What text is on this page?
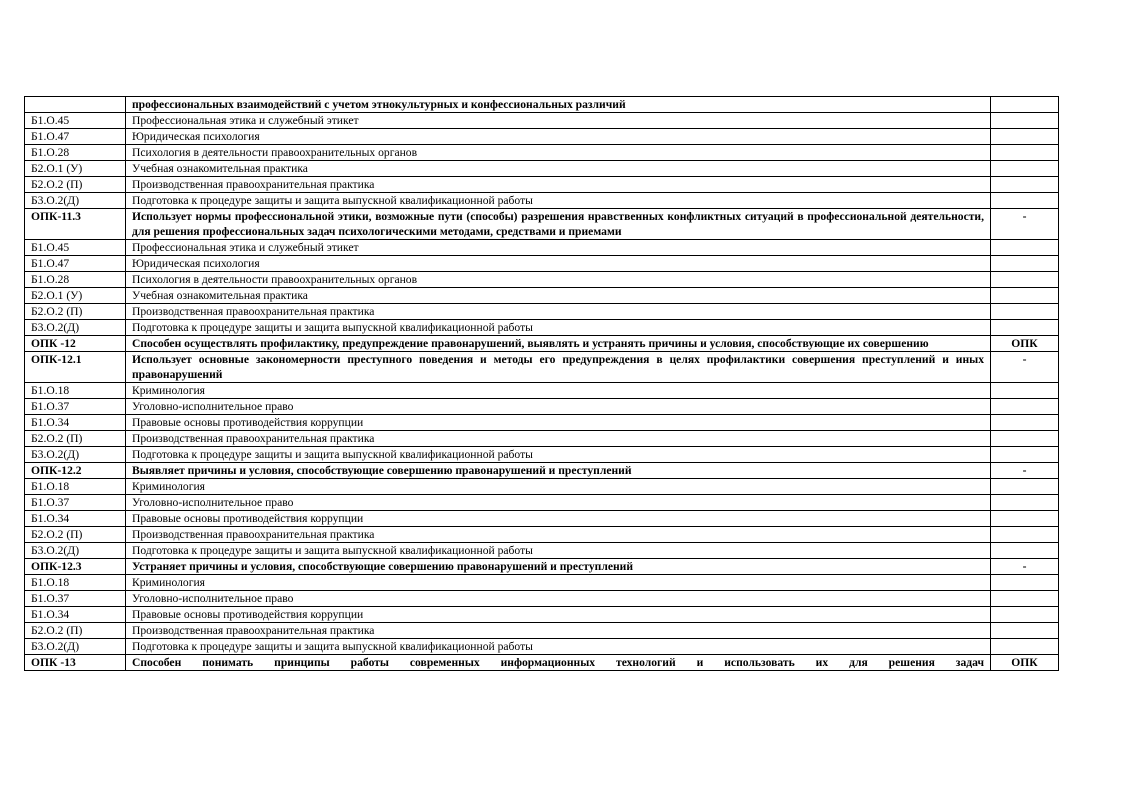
	профессиональных взаимодействий с учетом этнокультурных и конфессиональных различий	
Б1.О.45	Профессиональная этика и служебный этикет	
Б1.О.47	Юридическая психология	
Б1.О.28	Психология в деятельности правоохранительных органов	
Б2.О.1 (У)	Учебная ознакомительная практика	
Б2.О.2 (П)	Производственная правоохранительная практика	
Б3.О.2(Д)	Подготовка к процедуре защиты и защита выпускной квалификационной работы	
ОПК-11.3	Использует нормы профессиональной этики, возможные пути (способы) разрешения нравственных конфликтных ситуаций в профессиональной деятельности, для решения профессиональных задач психологическими методами, средствами и приемами	-
Б1.О.45	Профессиональная этика и служебный этикет	
Б1.О.47	Юридическая психология	
Б1.О.28	Психология в деятельности правоохранительных органов	
Б2.О.1 (У)	Учебная ознакомительная практика	
Б2.О.2 (П)	Производственная правоохранительная практика	
Б3.О.2(Д)	Подготовка к процедуре защиты и защита выпускной квалификационной работы	
ОПК -12	Способен осуществлять профилактику, предупреждение правонарушений, выявлять и устранять причины и условия, способствующие их совершению	ОПК
ОПК-12.1	Использует основные закономерности преступного поведения и методы его предупреждения в целях профилактики совершения преступлений и иных правонарушений	-
Б1.О.18	Криминология	
Б1.О.37	Уголовно-исполнительное право	
Б1.О.34	Правовые основы противодействия коррупции	
Б2.О.2 (П)	Производственная правоохранительная практика	
Б3.О.2(Д)	Подготовка к процедуре защиты и защита выпускной квалификационной работы	
ОПК-12.2	Выявляет причины и условия, способствующие совершению правонарушений и преступлений	-
Б1.О.18	Криминология	
Б1.О.37	Уголовно-исполнительное право	
Б1.О.34	Правовые основы противодействия коррупции	
Б2.О.2 (П)	Производственная правоохранительная практика	
Б3.О.2(Д)	Подготовка к процедуре защиты и защита выпускной квалификационной работы	
ОПК-12.3	Устраняет причины и условия, способствующие совершению правонарушений и преступлений	-
Б1.О.18	Криминология	
Б1.О.37	Уголовно-исполнительное право	
Б1.О.34	Правовые основы противодействия коррупции	
Б2.О.2 (П)	Производственная правоохранительная практика	
Б3.О.2(Д)	Подготовка к процедуре защиты и защита выпускной квалификационной работы	
ОПК -13	Способен понимать принципы работы современных информационных технологий и использовать их для решения задач	ОПК
